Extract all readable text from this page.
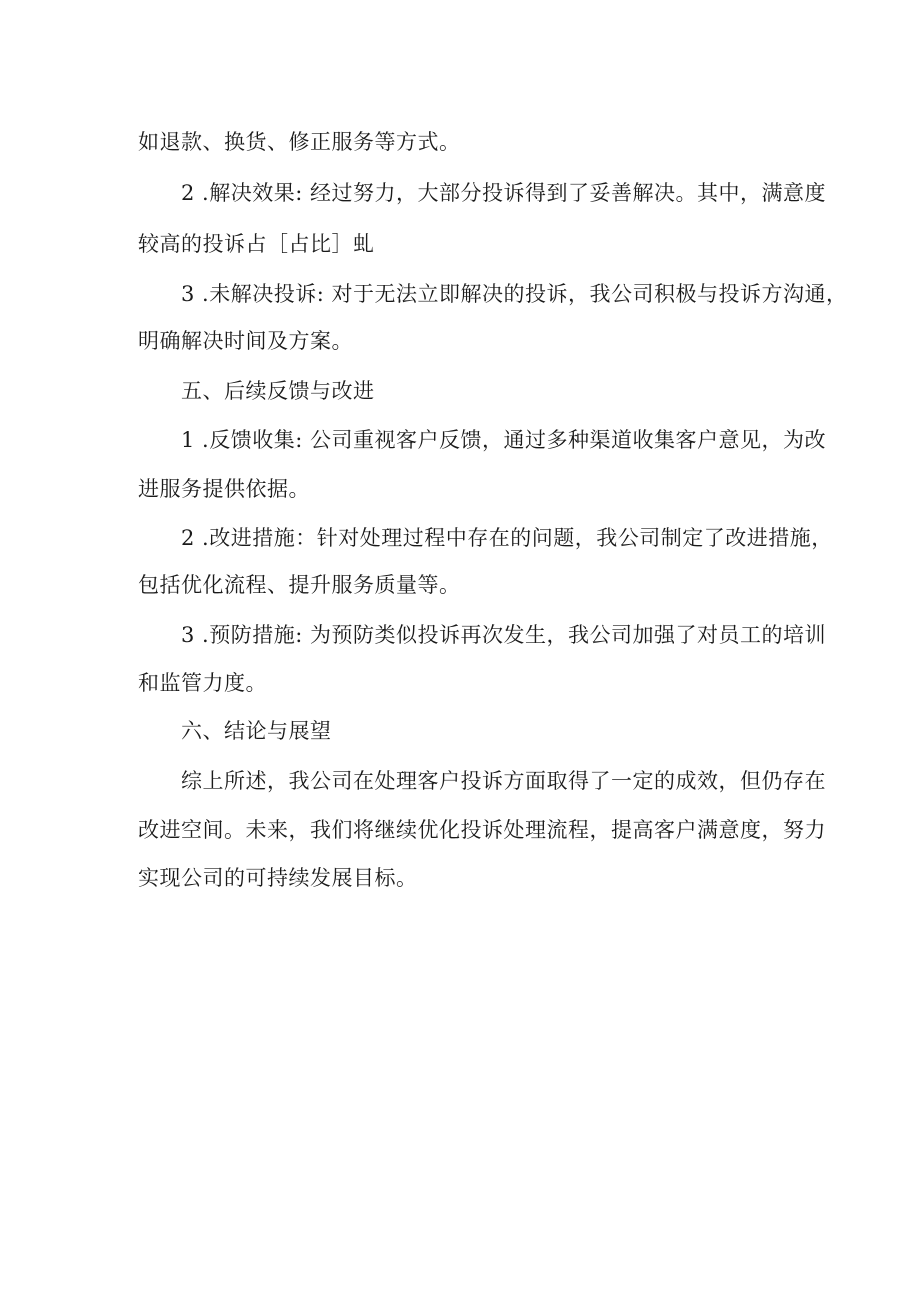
如退款、换货、修正服务等方式。
2 .解决效果: 经过努力，大部分投诉得到了妥善解决。其中，满意度
较高的投诉占［占比］虬
3 .未解决投诉: 对于无法立即解决的投诉，我公司积极与投诉方沟通，
明确解决时间及方案。
五、后续反馈与改进
1 .反馈收集: 公司重视客户反馈，通过多种渠道收集客户意见，为改
进服务提供依据。
2 .改进措施：针对处理过程中存在的问题，我公司制定了改进措施，
包括优化流程、提升服务质量等。
3 .预防措施: 为预防类似投诉再次发生，我公司加强了对员工的培训
和监管力度。
六、结论与展望
综上所述，我公司在处理客户投诉方面取得了一定的成效，但仍存在
改进空间。未来，我们将继续优化投诉处理流程，提高客户满意度，努力
实现公司的可持续发展目标。
